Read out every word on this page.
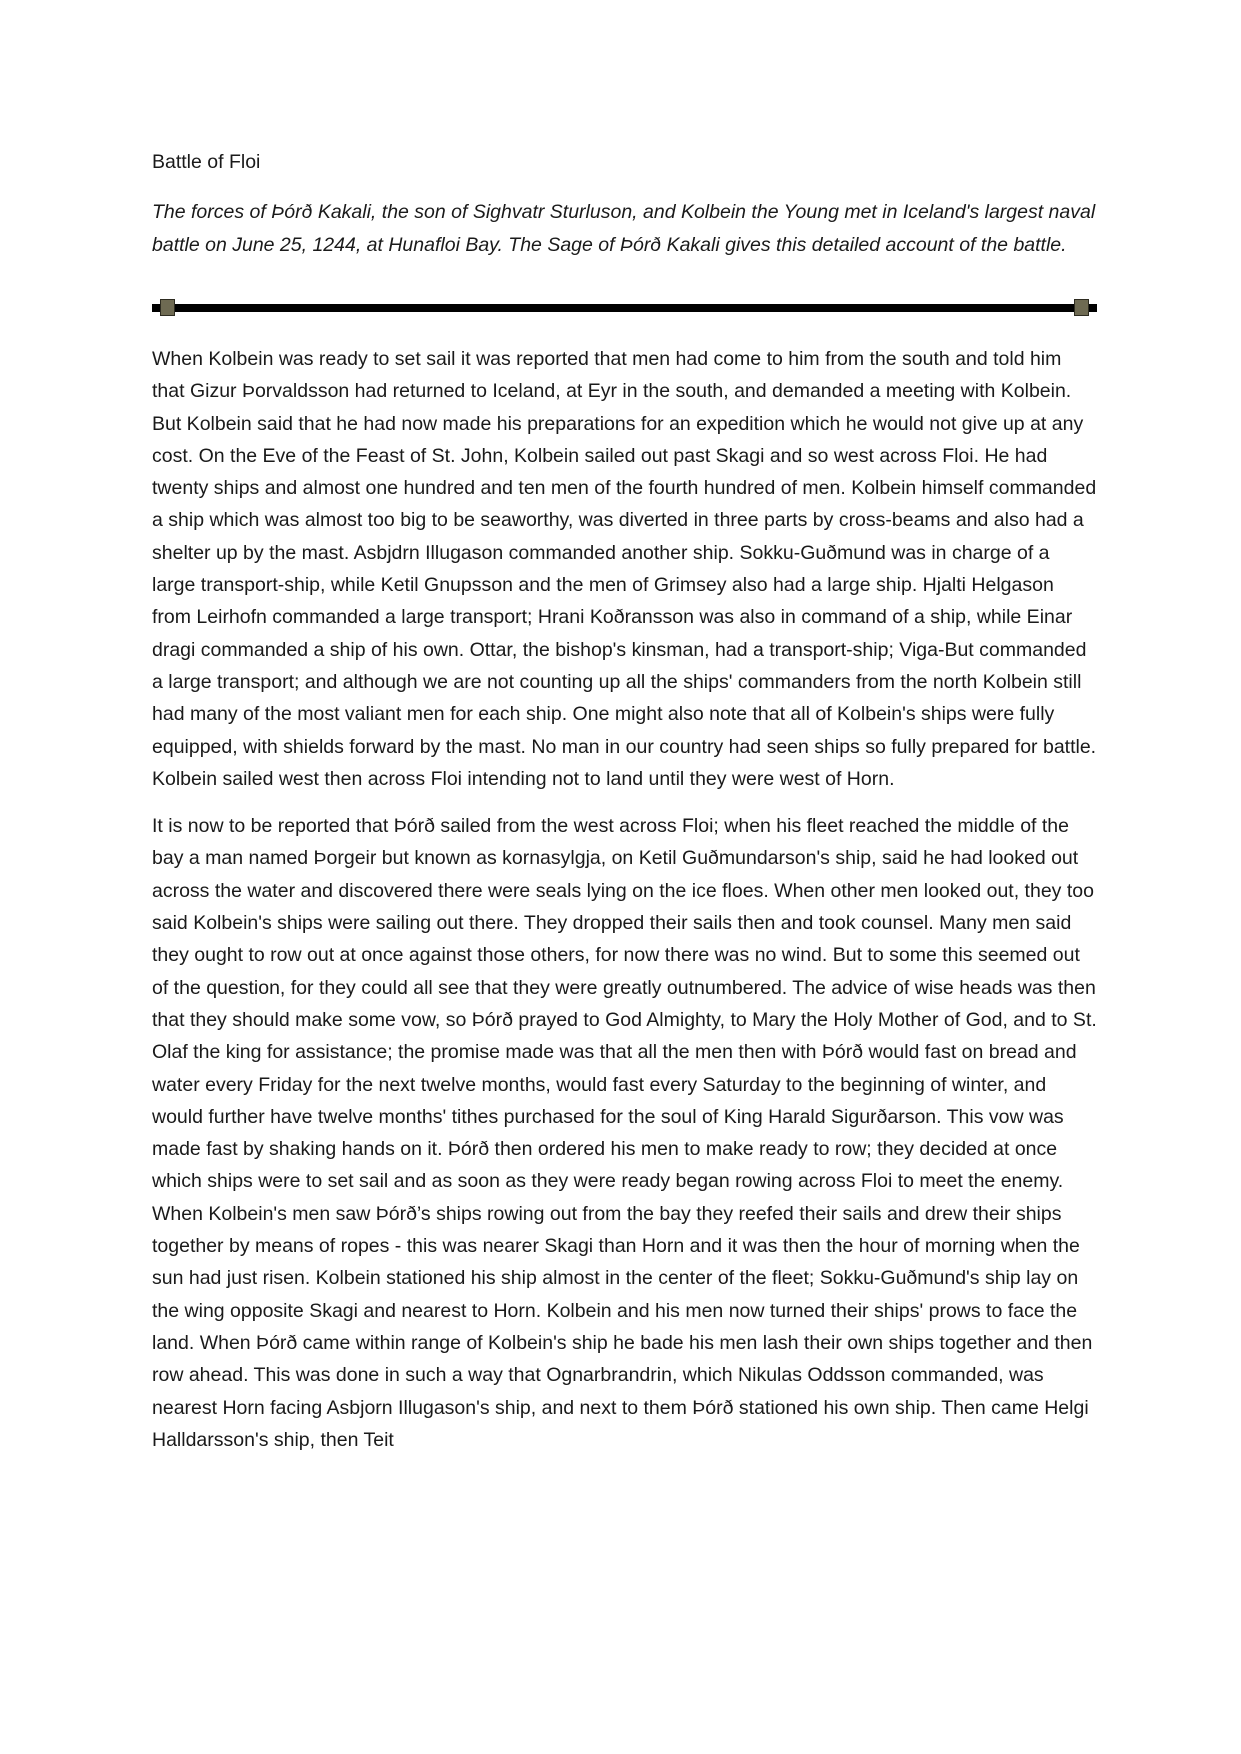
Battle of Floi

The forces of Þórð Kakali, the son of Sighvatr Sturluson, and Kolbein the Young met in Iceland's largest naval battle on June 25, 1244, at Hunafloi Bay. The Sage of Þórð Kakali gives this detailed account of the battle.

When Kolbein was ready to set sail it was reported that men had come to him from the south and told him that Gizur Þorvaldsson had returned to Iceland, at Eyr in the south, and demanded a meeting with Kolbein. But Kolbein said that he had now made his preparations for an expedition which he would not give up at any cost. On the Eve of the Feast of St. John, Kolbein sailed out past Skagi and so west across Floi. He had twenty ships and almost one hundred and ten men of the fourth hundred of men. Kolbein himself commanded a ship which was almost too big to be seaworthy, was diverted in three parts by cross-beams and also had a shelter up by the mast. Asbjdrn Illugason commanded another ship. Sokku-Guðmund was in charge of a large transport-ship, while Ketil Gnupsson and the men of Grimsey also had a large ship. Hjalti Helgason from Leirhofn commanded a large transport; Hrani Koðransson was also in command of a ship, while Einar dragi commanded a ship of his own. Ottar, the bishop's kinsman, had a transport-ship; Viga-But commanded a large transport; and although we are not counting up all the ships' commanders from the north Kolbein still had many of the most valiant men for each ship. One might also note that all of Kolbein's ships were fully equipped, with shields forward by the mast. No man in our country had seen ships so fully prepared for battle. Kolbein sailed west then across Floi intending not to land until they were west of Horn.

It is now to be reported that Þórð sailed from the west across Floi; when his fleet reached the middle of the bay a man named Þorgeir but known as kornasylgja, on Ketil Guðmundarson's ship, said he had looked out across the water and discovered there were seals lying on the ice floes. When other men looked out, they too said Kolbein's ships were sailing out there. They dropped their sails then and took counsel. Many men said they ought to row out at once against those others, for now there was no wind. But to some this seemed out of the question, for they could all see that they were greatly outnumbered. The advice of wise heads was then that they should make some vow, so Þórð prayed to God Almighty, to Mary the Holy Mother of God, and to St. Olaf the king for assistance; the promise made was that all the men then with Þórð would fast on bread and water every Friday for the next twelve months, would fast every Saturday to the beginning of winter, and would further have twelve months' tithes purchased for the soul of King Harald Sigurðarson. This vow was made fast by shaking hands on it. Þórð then ordered his men to make ready to row; they decided at once which ships were to set sail and as soon as they were ready began rowing across Floi to meet the enemy. When Kolbein's men saw Þórð’s ships rowing out from the bay they reefed their sails and drew their ships together by means of ropes - this was nearer Skagi than Horn and it was then the hour of morning when the sun had just risen. Kolbein stationed his ship almost in the center of the fleet; Sokku-Guðmund's ship lay on the wing opposite Skagi and nearest to Horn. Kolbein and his men now turned their ships' prows to face the land. When Þórð came within range of Kolbein's ship he bade his men lash their own ships together and then row ahead. This was done in such a way that Ognarbrandrin, which Nikulas Oddsson commanded, was nearest Horn facing Asbjorn Illugason's ship, and next to them Þórð stationed his own ship. Then came Helgi Halldarsson's ship, then Teit
